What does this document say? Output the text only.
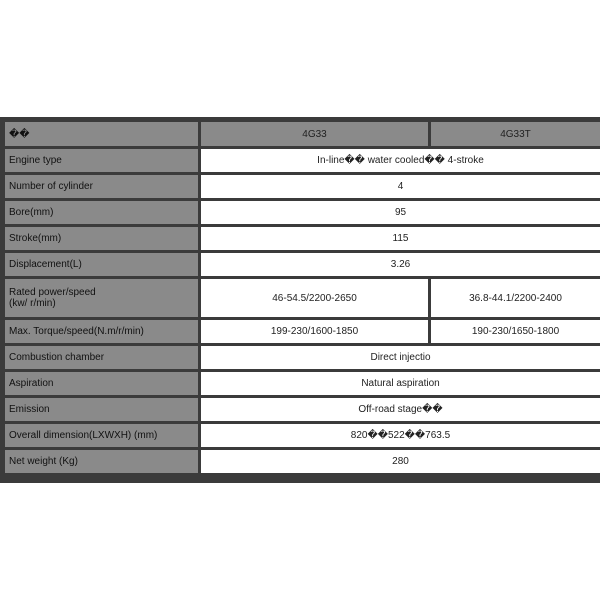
��	4G33	4G33T
Engine type	In-line�� water cooled�� 4-stroke	
Number of cylinder	4	
Bore(mm)	95	
Stroke(mm)	115	
Displacement(L)	3.26	
Rated power/speed
(kw/ r/min)	46-54.5/2200-2650	36.8-44.1/2200-2400
Max. Torque/speed(N.m/r/min)	199-230/1600-1850	190-230/1650-1800
Combustion chamber	Direct injectio	
Aspiration	Natural aspiration	
Emission	Off-road stage��	
Overall dimension(LXWXH) (mm)	820��522��763.5	
Net weight (Kg)	280	
